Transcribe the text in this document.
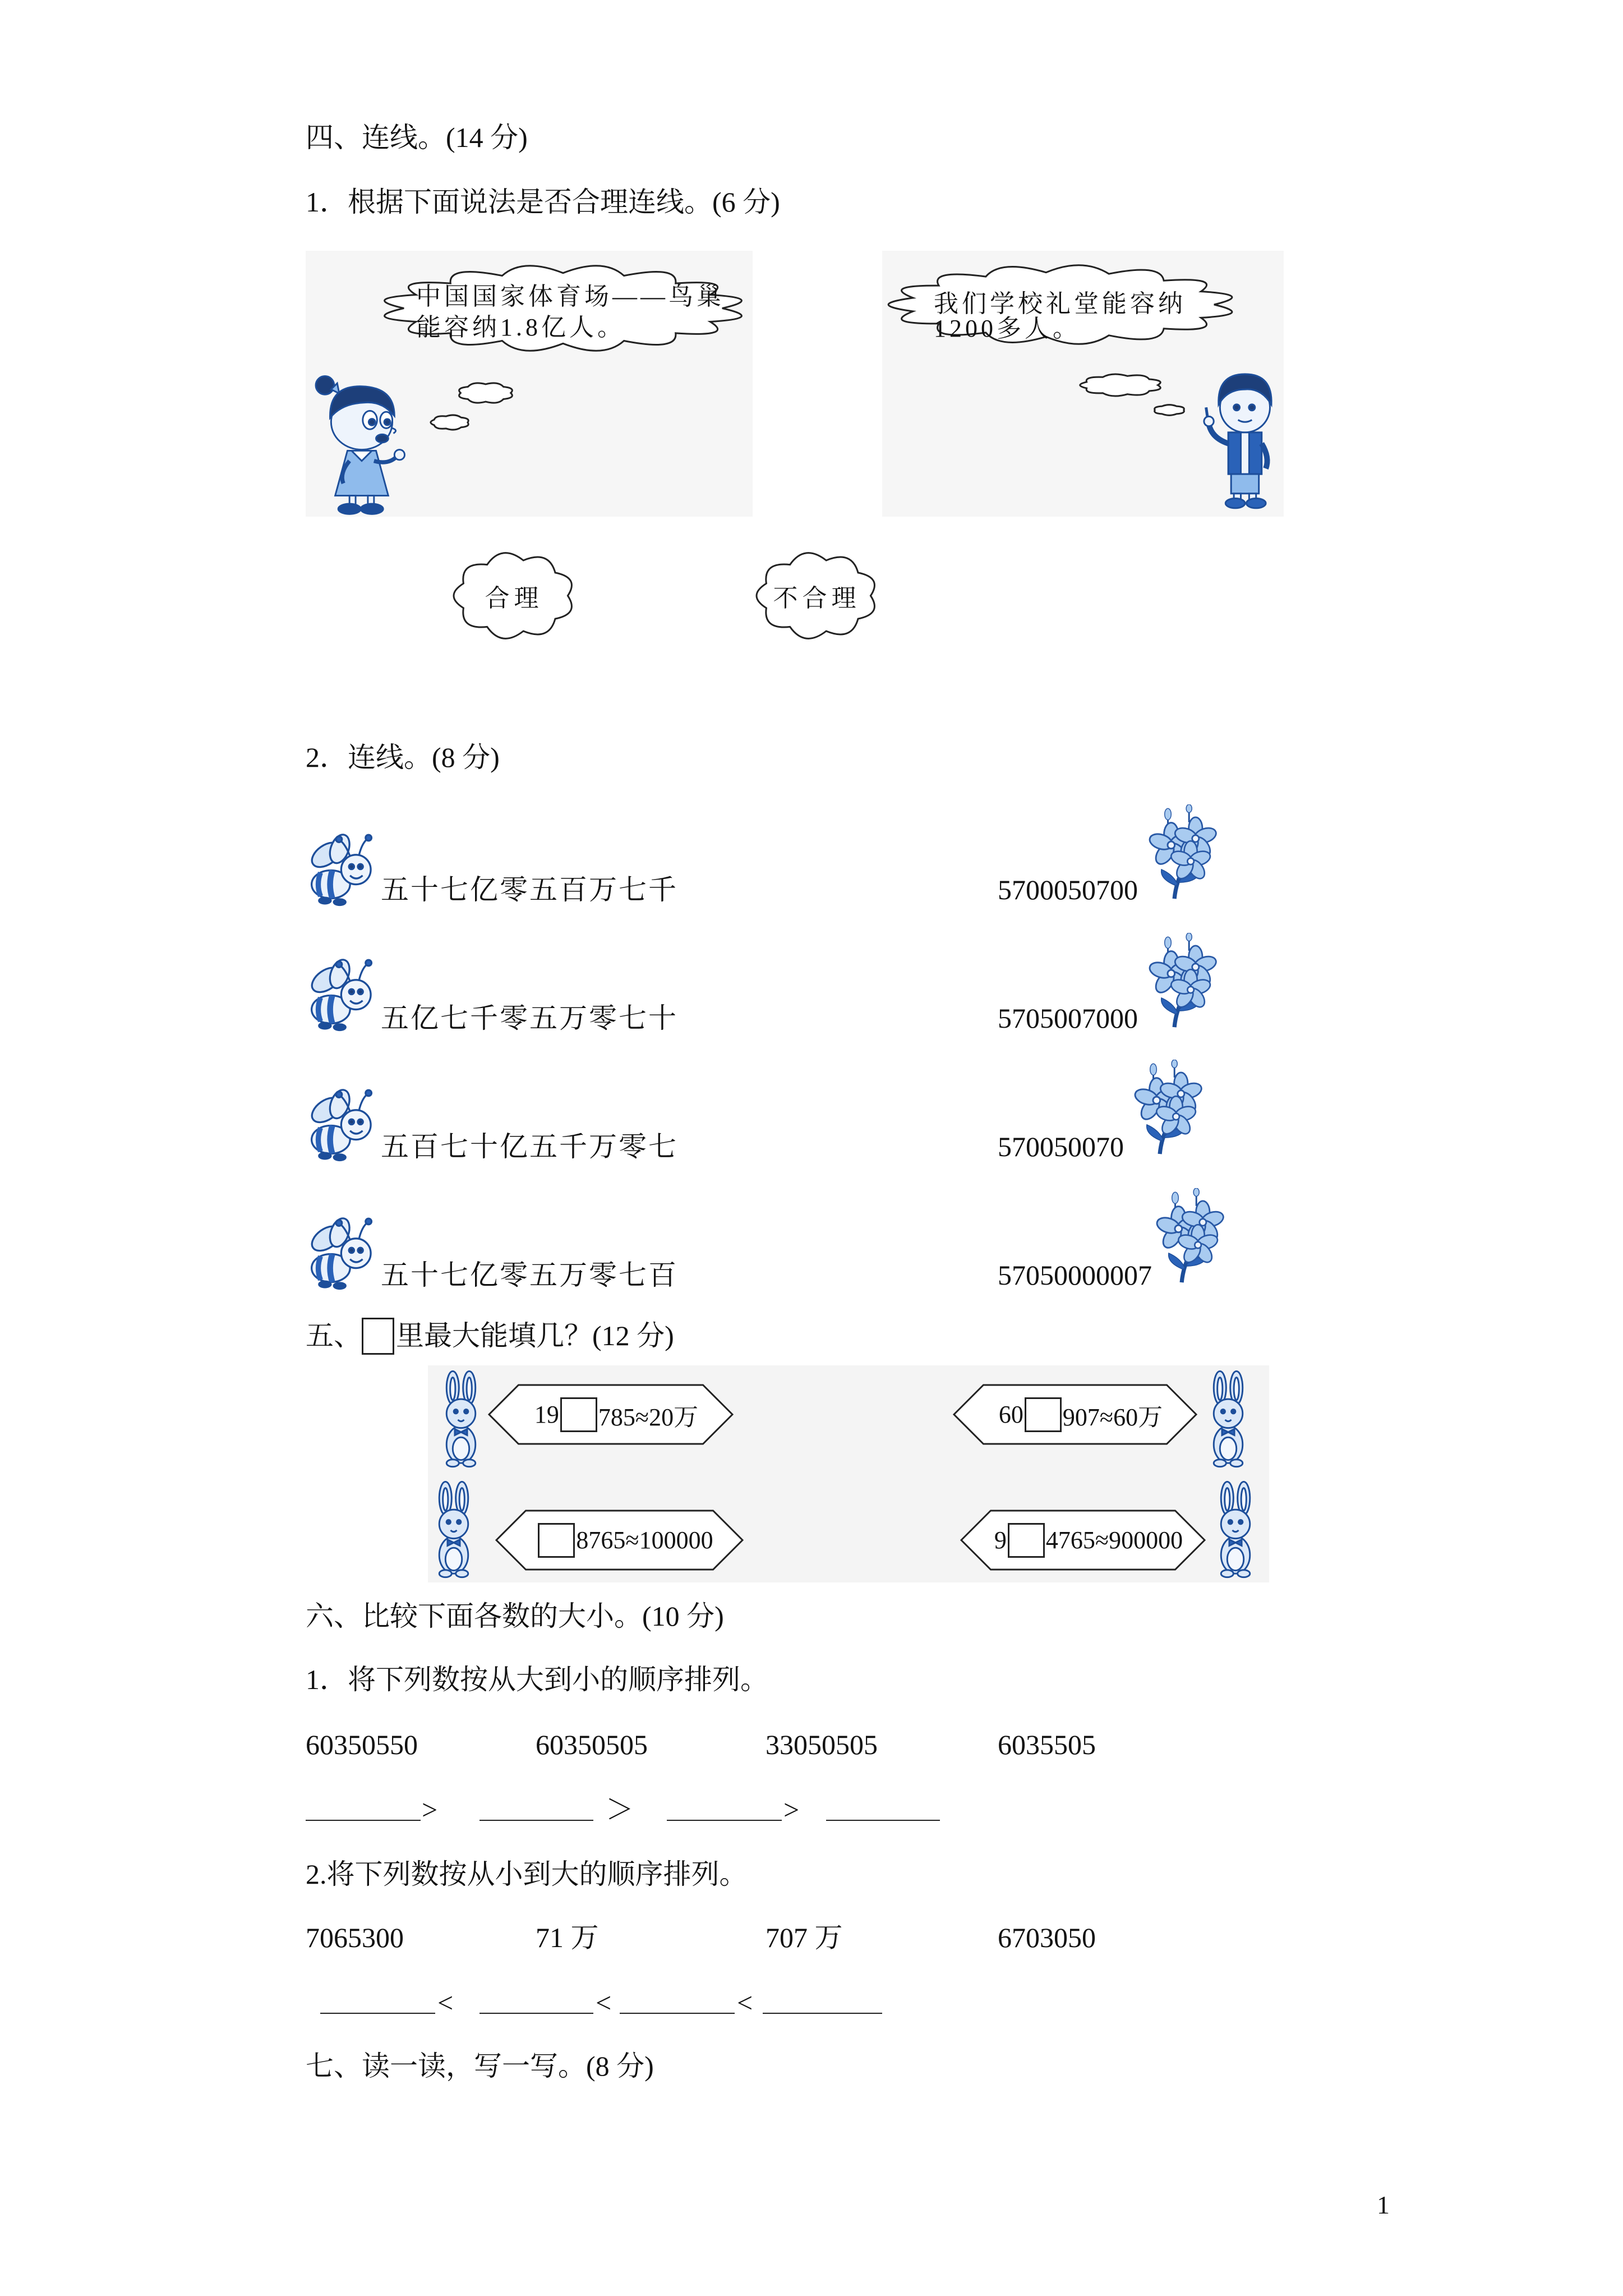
四、连线。(14 分)
1．根据下面说法是否合理连线。(6 分)
中国国家体育场——鸟巢
能容纳1.8亿人。
我们学校礼堂能容纳
1200多人。
合理	不合理
2．连线。(8 分)
五十七亿零五百万七千	5700050700
五亿七千零五万零七十	5705007000
五百七十亿五千万零七	570050070
五十七亿零五万零七百	57050000007
五、 里最大能填几？(12 分)
19 785≈20万	60 907≈60万
8765≈100000	9 4765≈900000
六、比较下面各数的大小。(10 分)
1．将下列数按从大到小的顺序排列。
60350550	60350505	33050505	6035505
>	＞	>
2.将下列数按从小到大的顺序排列。
7065300	71 万	707 万	6703050
<	<	<
七、读一读，写一写。(8 分)
1
